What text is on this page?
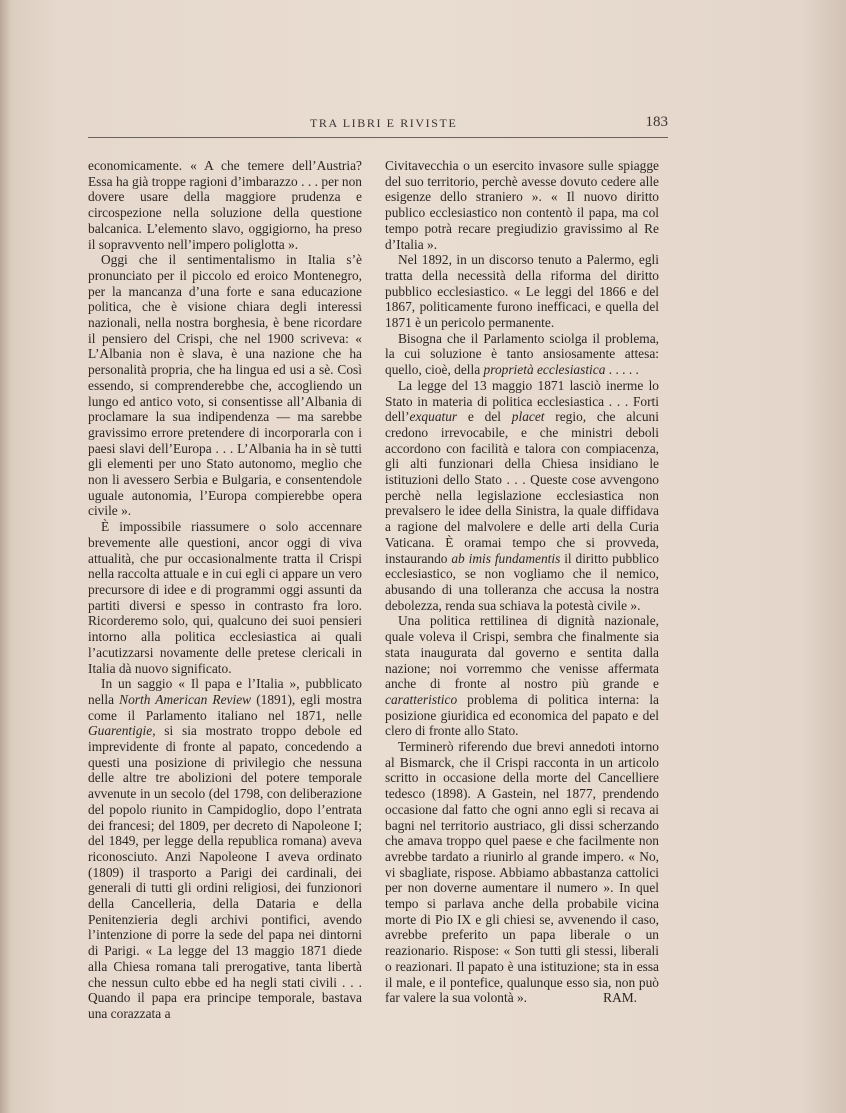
TRA LIBRI E RIVISTE	183

economicamente. « A che temere dell’Austria? Essa ha già troppe ragioni d’imbarazzo . . . per non dovere usare della maggiore prudenza e circospezione nella soluzione della questione balcanica. L’elemento slavo, oggigiorno, ha preso il sopravvento nell’impero poliglotta ».

Oggi che il sentimentalismo in Italia s’è pronunciato per il piccolo ed eroico Montenegro, per la mancanza d’una forte e sana educazione politica, che è visione chiara degli interessi nazionali, nella nostra borghesia, è bene ricordare il pensiero del Crispi, che nel 1900 scriveva: « L’Albania non è slava, è una nazione che ha personalità propria, che ha lingua ed usi a sè. Così essendo, si comprenderebbe che, accogliendo un lungo ed antico voto, si consentisse all’Albania di proclamare la sua indipendenza — ma sarebbe gravissimo errore pretendere di incorporarla con i paesi slavi dell’Europa . . . L’Albania ha in sè tutti gli elementi per uno Stato autonomo, meglio che non li avessero Serbia e Bulgaria, e consentendole uguale autonomia, l’Europa compierebbe opera civile ».

È impossibile riassumere o solo accennare brevemente alle questioni, ancor oggi di viva attualità, che pur occasionalmente tratta il Crispi nella raccolta attuale e in cui egli ci appare un vero precursore di idee e di programmi oggi assunti da partiti diversi e spesso in contrasto fra loro. Ricorderemo solo, qui, qualcuno dei suoi pensieri intorno alla politica ecclesiastica ai quali l’acutizzarsi novamente delle pretese clericali in Italia dà nuovo significato.

In un saggio « Il papa e l’Italia », pubblicato nella North American Review (1891), egli mostra come il Parlamento italiano nel 1871, nelle Guarentigie, si sia mostrato troppo debole ed imprevidente di fronte al papato, concedendo a questi una posizione di privilegio che nessuna delle altre tre abolizioni del potere temporale avvenute in un secolo (del 1798, con deliberazione del popolo riunito in Campidoglio, dopo l’entrata dei francesi; del 1809, per decreto di Napoleone I; del 1849, per legge della republica romana) aveva riconosciuto. Anzi Napoleone I aveva ordinato (1809) il trasporto a Parigi dei cardinali, dei generali di tutti gli ordini religiosi, dei funzionori della Cancelleria, della Dataria e della Penitenzieria degli archivi pontifici, avendo l’intenzione di porre la sede del papa nei dintorni di Parigi. « La legge del 13 maggio 1871 diede alla Chiesa romana tali prerogative, tanta libertà che nessun culto ebbe ed ha negli stati civili . . . Quando il papa era principe temporale, bastava una corazzata a

Civitavecchia o un esercito invasore sulle spiagge del suo territorio, perchè avesse dovuto cedere alle esigenze dello straniero ». « Il nuovo diritto publico ecclesiastico non contentò il papa, ma col tempo potrà recare pregiudizio gravissimo al Re d’Italia ».

Nel 1892, in un discorso tenuto a Palermo, egli tratta della necessità della riforma del diritto pubblico ecclesiastico. « Le leggi del 1866 e del 1867, politicamente furono inefficaci, e quella del 1871 è un pericolo permanente.

Bisogna che il Parlamento sciolga il problema, la cui soluzione è tanto ansiosamente attesa: quello, cioè, della proprietà ecclesiastica . . . . .

La legge del 13 maggio 1871 lasciò inerme lo Stato in materia di politica ecclesiastica . . . Forti dell’exquatur e del placet regio, che alcuni credono irrevocabile, e che ministri deboli accordono con facilità e talora con compiacenza, gli alti funzionari della Chiesa insidiano le istituzioni dello Stato . . . Queste cose avvengono perchè nella legislazione ecclesiastica non prevalsero le idee della Sinistra, la quale diffidava a ragione del malvolere e delle arti della Curia Vaticana. È oramai tempo che si provveda, instaurando ab imis fundamentis il diritto pubblico ecclesiastico, se non vogliamo che il nemico, abusando di una tolleranza che accusa la nostra debolezza, renda sua schiava la potestà civile ».

Una politica rettilinea di dignità nazionale, quale voleva il Crispi, sembra che finalmente sia stata inaugurata dal governo e sentita dalla nazione; noi vorremmo che venisse affermata anche di fronte al nostro più grande e caratteristico problema di politica interna: la posizione giuridica ed economica del papato e del clero di fronte allo Stato.

Terminerò riferendo due brevi annedoti intorno al Bismarck, che il Crispi racconta in un articolo scritto in occasione della morte del Cancelliere tedesco (1898). A Gastein, nel 1877, prendendo occasione dal fatto che ogni anno egli si recava ai bagni nel territorio austriaco, gli dissi scherzando che amava troppo quel paese e che facilmente non avrebbe tardato a riunirlo al grande impero. « No, vi sbagliate, rispose. Abbiamo abbastanza cattolici per non doverne aumentare il numero ». In quel tempo si parlava anche della probabile vicina morte di Pio IX e gli chiesi se, avvenendo il caso, avrebbe preferito un papa liberale o un reazionario. Rispose: « Son tutti gli stessi, liberali o reazionari. Il papato è una istituzione; sta in essa il male, e il pontefice, qualunque esso sia, non può far valere la sua volontà ».	RAM.
